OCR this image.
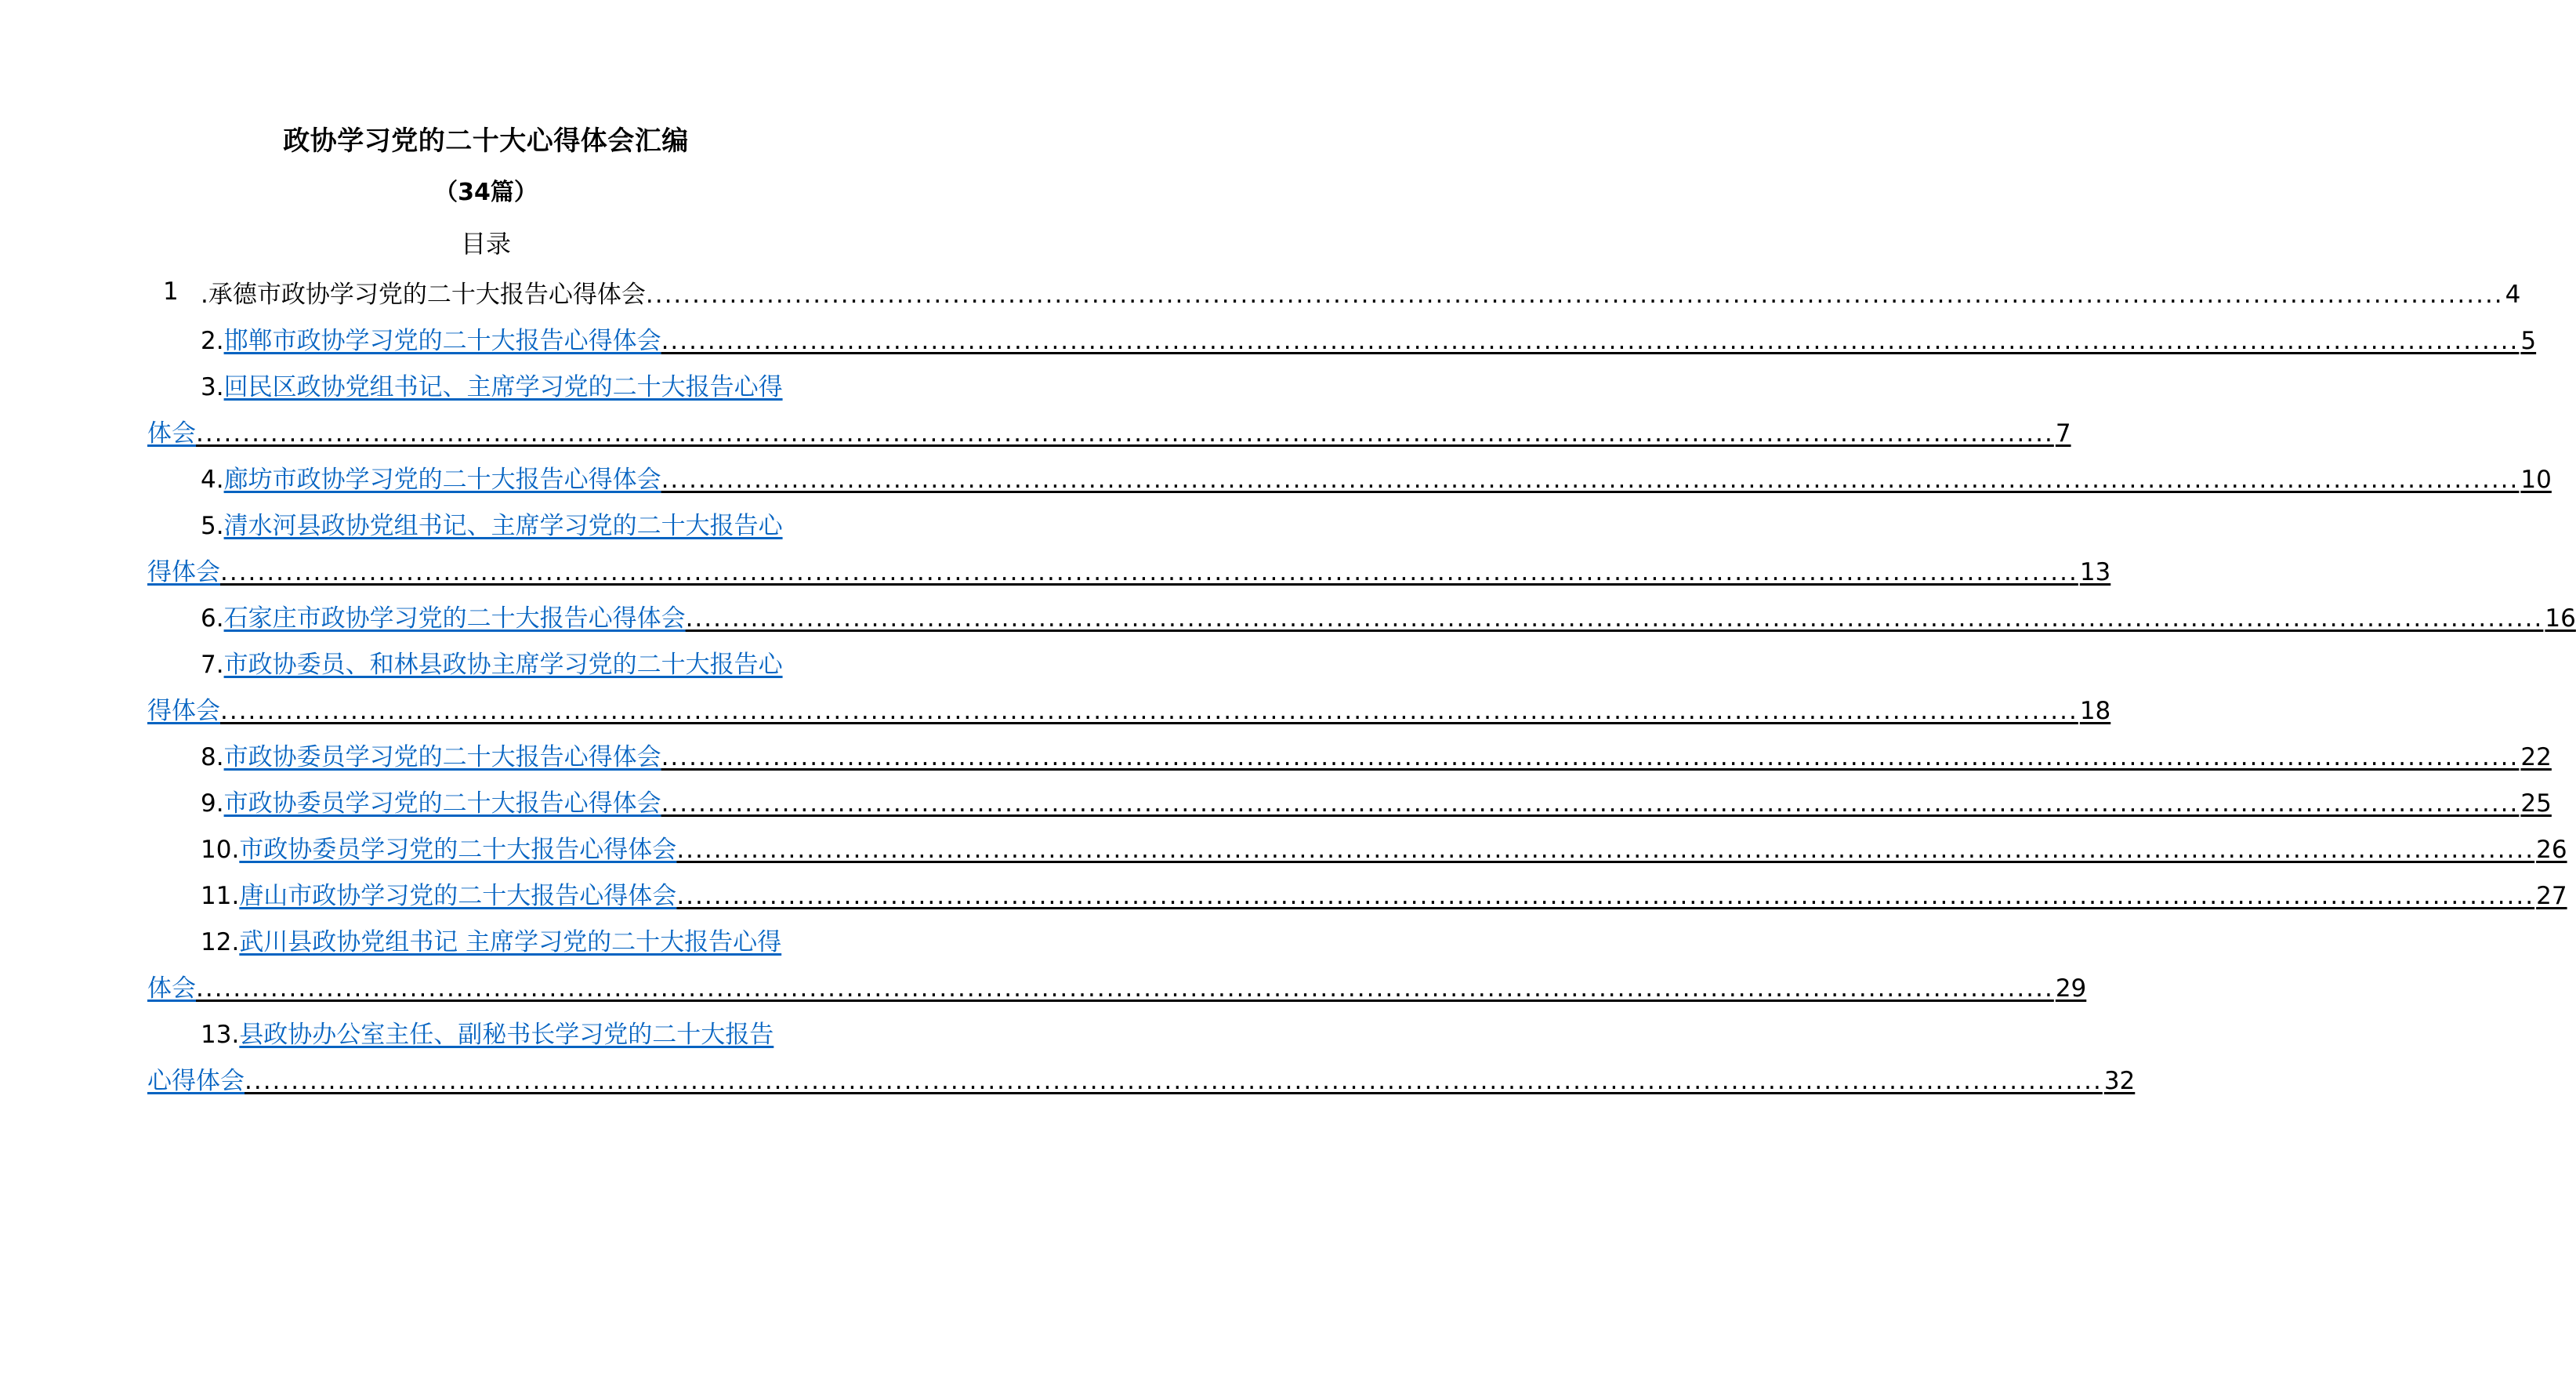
政协学习党的二十大心得体会汇编
（34篇）
目录
1 . 承德市政协学习党的二十大报告心得体会 ........................................................................................................................................................................................................ 4
2. 邯郸市政协学习党的二十大报告心得体会 ........................................................................................................................................................................................................ 5
3. 回民区政协党组书记、主席学习党的二十大报告心得
体会 ........................................................................................................................................................................................................ 7
4. 廊坊市政协学习党的二十大报告心得体会 ........................................................................................................................................................................................................ 10
5. 清水河县政协党组书记、主席学习党的二十大报告心
得体会 ........................................................................................................................................................................................................ 13
6. 石家庄市政协学习党的二十大报告心得体会 ........................................................................................................................................................................................................ 16
7. 市政协委员、和林县政协主席学习党的二十大报告心
得体会 ........................................................................................................................................................................................................ 18
8. 市政协委员学习党的二十大报告心得体会 ........................................................................................................................................................................................................ 22
9. 市政协委员学习党的二十大报告心得体会 ........................................................................................................................................................................................................ 25
10. 市政协委员学习党的二十大报告心得体会 ........................................................................................................................................................................................................ 26
11. 唐山市政协学习党的二十大报告心得体会 ........................................................................................................................................................................................................ 27
12. 武川县政协党组书记 主席学习党的二十大报告心得
体会 ........................................................................................................................................................................................................ 29
13. 县政协办公室主任、副秘书长学习党的二十大报告
心得体会 ........................................................................................................................................................................................................ 32
